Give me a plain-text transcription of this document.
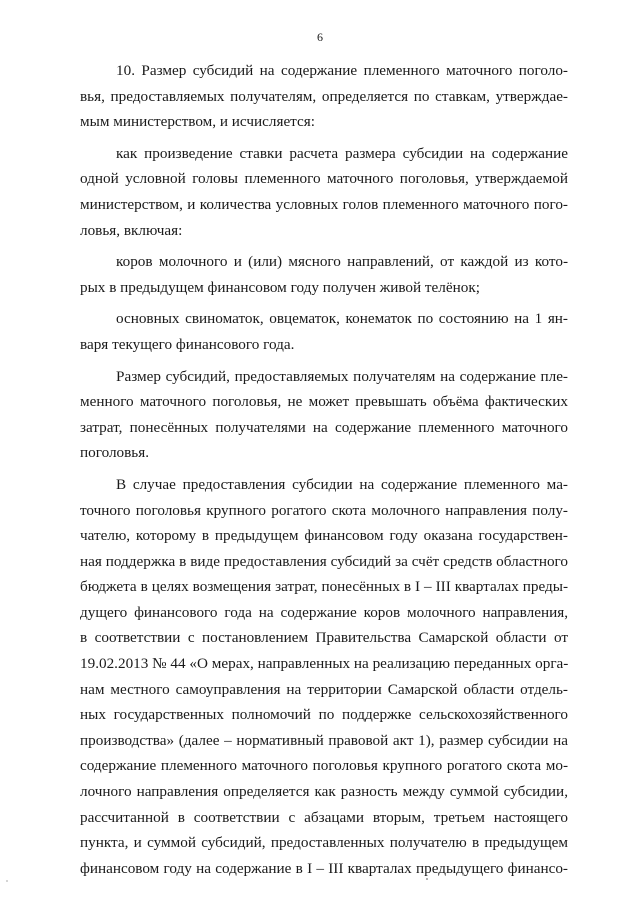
6
10. Размер субсидий на содержание племенного маточного поголо-
вья, предоставляемых получателям, определяется по ставкам, утверждае-
мым министерством, и исчисляется:
как произведение ставки расчета размера субсидии на содержание
одной условной головы племенного маточного поголовья, утверждаемой
министерством, и количества условных голов племенного маточного пого-
ловья, включая:
коров молочного и (или) мясного направлений, от каждой из кото-
рых в предыдущем финансовом году получен живой телёнок;
основных свиноматок, овцематок, конематок по состоянию на 1 ян-
варя текущего финансового года.
Размер субсидий, предоставляемых получателям на содержание пле-
менного маточного поголовья, не может превышать объёма фактических
затрат, понесённых получателями на содержание племенного маточного
поголовья.
В случае предоставления субсидии на содержание племенного ма-
точного поголовья крупного рогатого скота молочного направления полу-
чателю, которому в предыдущем финансовом году оказана государствен-
ная поддержка в виде предоставления субсидий за счёт средств областного
бюджета в целях возмещения затрат, понесённых в I – III кварталах преды-
дущего финансового года на содержание коров молочного направления,
в соответствии с постановлением Правительства Самарской области от
19.02.2013 № 44 «О мерах, направленных на реализацию переданных орга-
нам местного самоуправления на территории Самарской области отдель-
ных государственных полномочий по поддержке сельскохозяйственного
производства» (далее – нормативный правовой акт 1), размер субсидии на
содержание племенного маточного поголовья крупного рогатого скота мо-
лочного направления определяется как разность между суммой субсидии,
рассчитанной в соответствии с абзацами вторым, третьем настоящего
пункта, и суммой субсидий, предоставленных получателю в предыдущем
финансовом году на содержание в I – III кварталах предыдущего финансо-
